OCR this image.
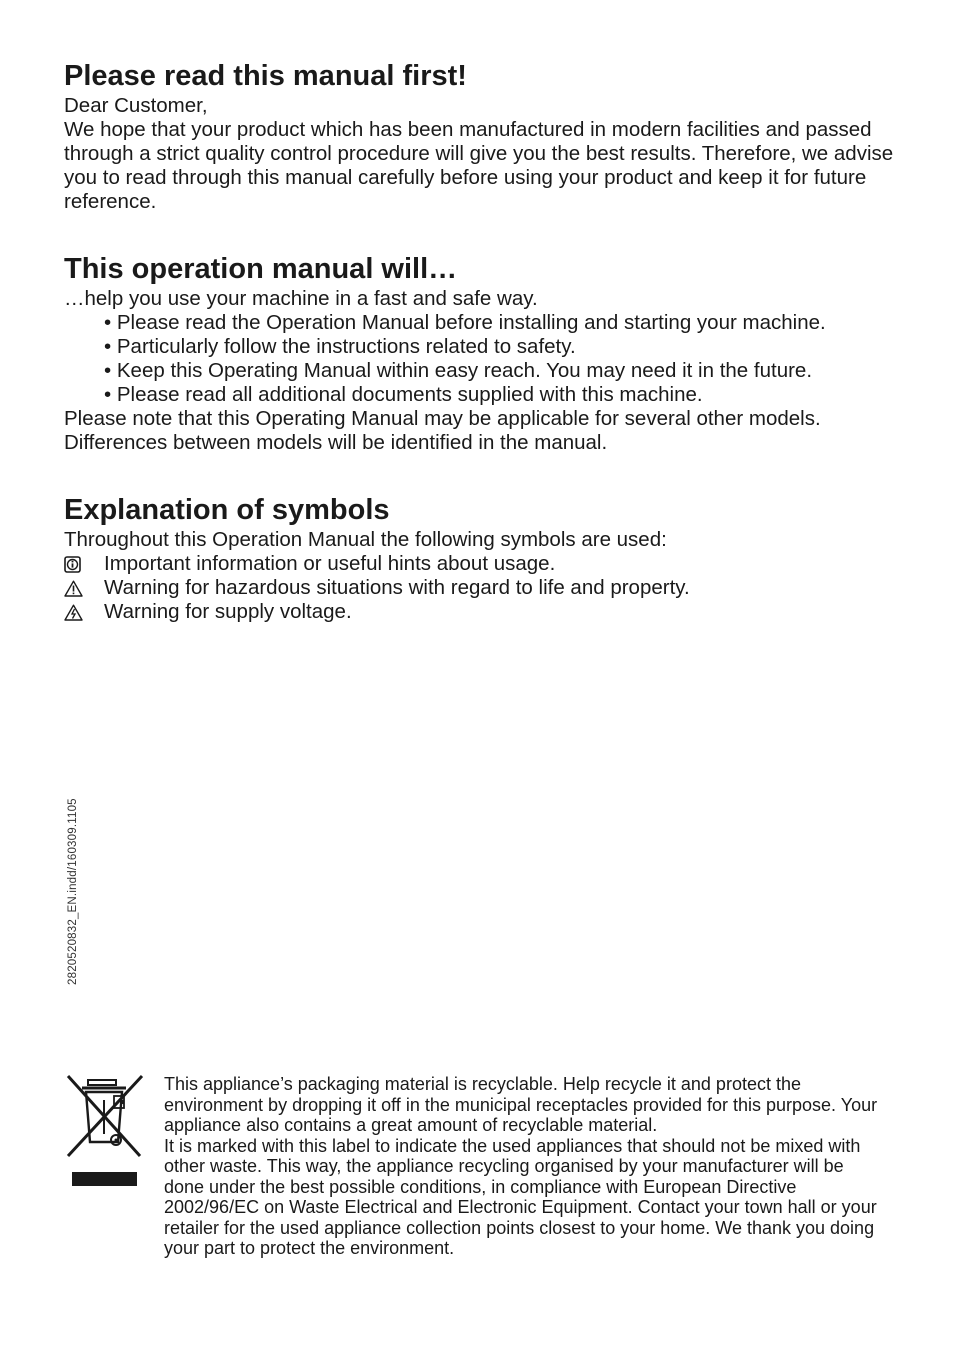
Please read this manual first!

Dear Customer,

We hope that your product which has been manufactured in modern facilities and passed through a strict quality control procedure will give you the best results. Therefore, we advise you to read through this manual carefully before using your product and keep it for future reference.

This operation manual will…

…help you use your machine in a fast and safe way.

• Please read the Operation Manual before installing and starting your machine.
• Particularly follow the instructions related to safety.
• Keep this Operating Manual within easy reach. You may need it in the future.
• Please read all additional documents supplied with this machine.

Please note that this Operating Manual may be applicable for several other models.

Differences between models will be identified in the manual.

Explanation of symbols

Throughout this Operation Manual the following symbols are used:

Important information or useful hints about usage.
Warning for hazardous situations with regard to life and property.
Warning for supply voltage.
2820520832_EN.indd/160309.1105

This appliance’s packaging material is recyclable. Help recycle it and protect the environment by dropping it off in the municipal receptacles provided for this purpose. Your appliance also contains a great amount of recyclable material.

It is marked with this label to indicate the used appliances that should not be mixed with other waste. This way, the appliance recycling organised by your manufacturer will be done under the best possible conditions, in compliance with European Directive 2002/96/EC on Waste Electrical and Electronic Equipment. Contact your town hall or your retailer for the used appliance collection points closest to your home. We thank you doing your part to protect the environment.
